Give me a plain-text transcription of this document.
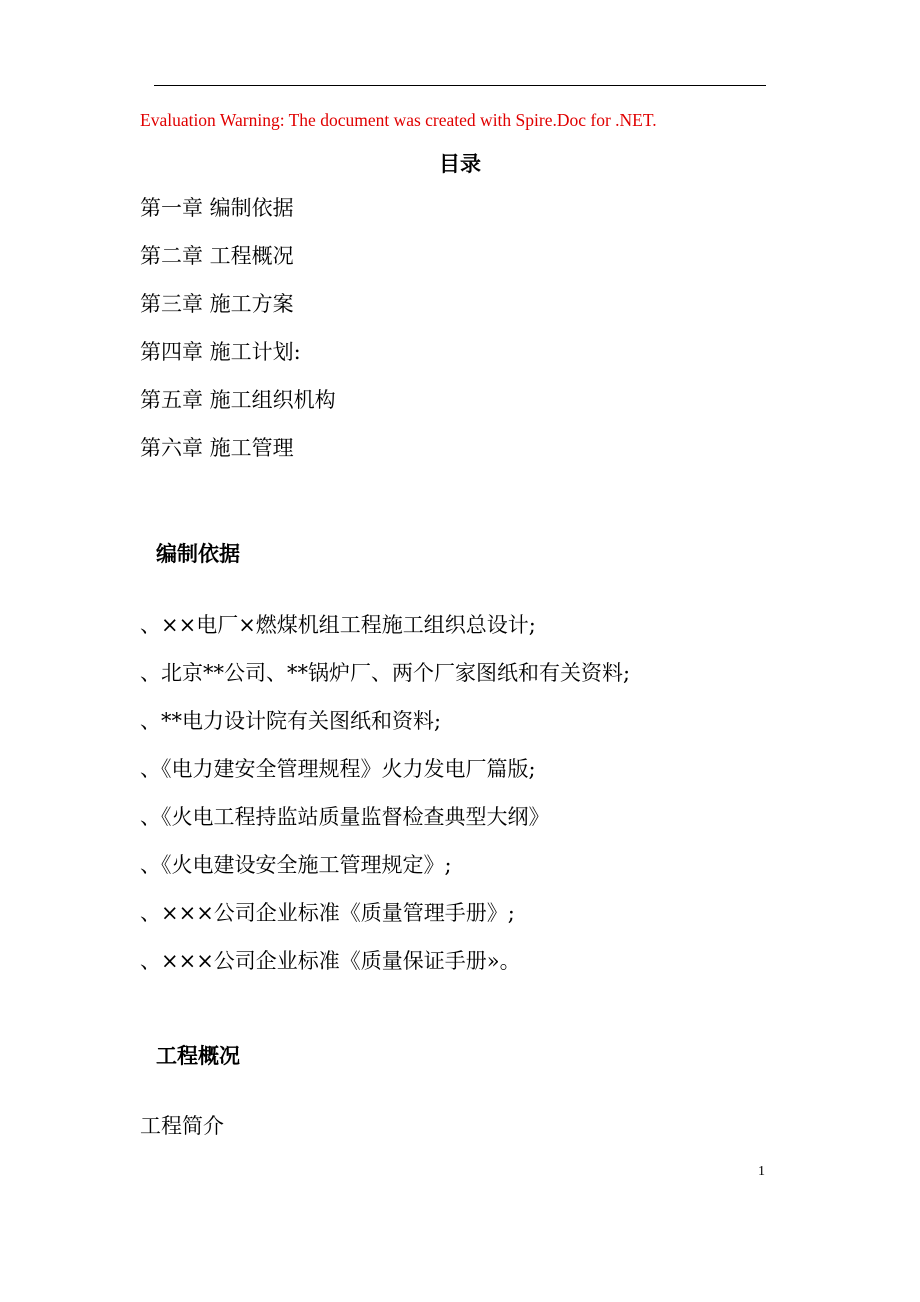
Evaluation Warning: The document was created with Spire.Doc for .NET.
目录
第一章 编制依据
第二章 工程概况
第三章 施工方案
第四章 施工计划:
第五章 施工组织机构
第六章 施工管理
编制依据
、××电厂×燃煤机组工程施工组织总设计;
、北京**公司、**锅炉厂、两个厂家图纸和有关资料;
、**电力设计院有关图纸和资料;
、《电力建安全管理规程》火力发电厂篇版;
、《火电工程持监站质量监督检查典型大纲》
、《火电建设安全施工管理规定》;
、×××公司企业标准《质量管理手册》;
、×××公司企业标准《质量保证手册»。
工程概况
工程简介
1
